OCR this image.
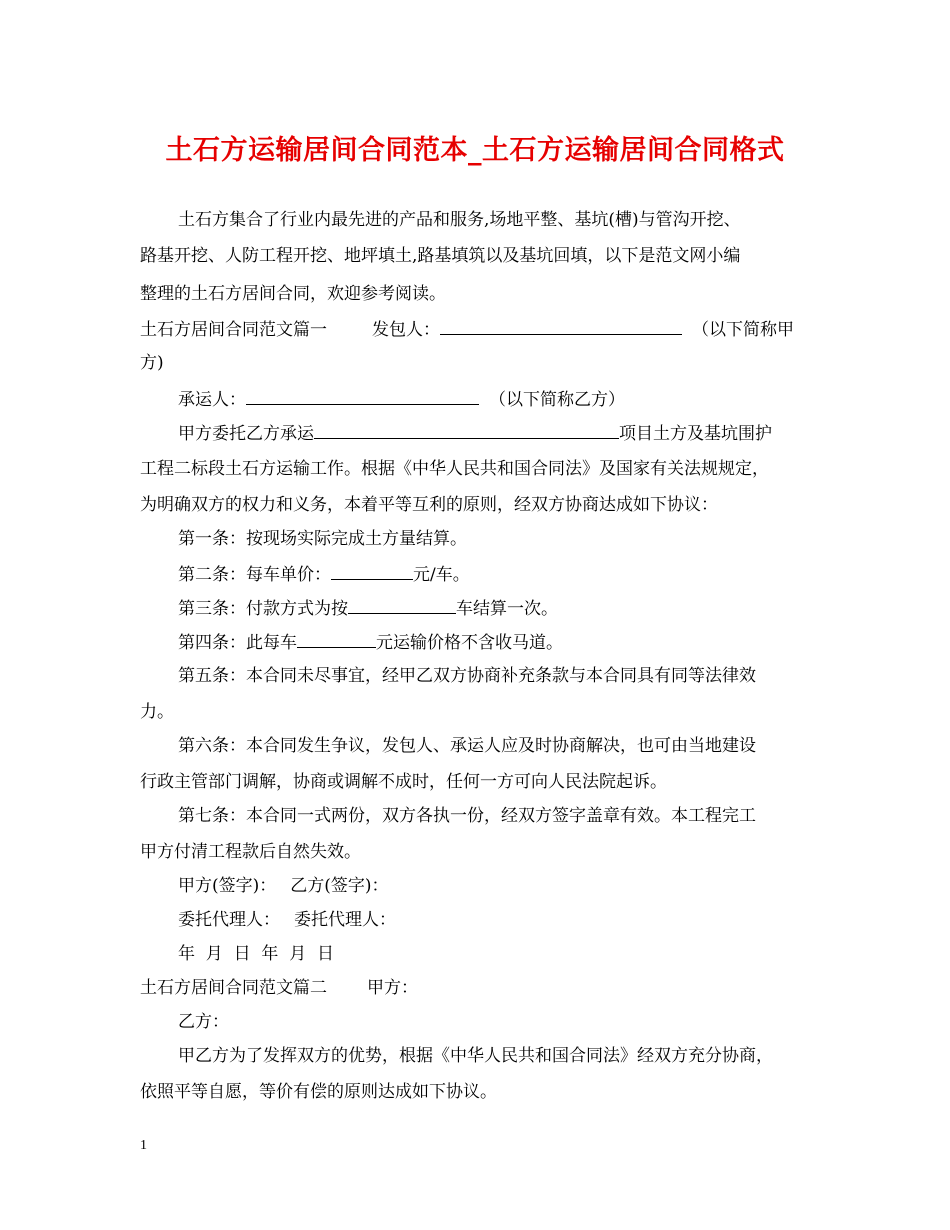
土石方运输居间合同范本_土石方运输居间合同格式
土石方集合了行业内最先进的产品和服务,场地平整、基坑(槽)与管沟开挖、
路基开挖、人防工程开挖、地坪填土,路基填筑以及基坑回填，以下是范文网小编
整理的土石方居间合同，欢迎参考阅读。
土石方居间合同范文篇一	发包人：	（以下简称甲
方)
承运人：	（以下简称乙方）
甲方委托乙方承运	项目土方及基坑围护
工程二标段土石方运输工作。根据《中华人民共和国合同法》及国家有关法规规定，
为明确双方的权力和义务，本着平等互利的原则，经双方协商达成如下协议：
第一条：按现场实际完成土方量结算。
第二条：每车单价：	元/车。
第三条：付款方式为按	车结算一次。
第四条：此每车	元运输价格不含收马道。
第五条：本合同未尽事宜，经甲乙双方协商补充条款与本合同具有同等法律效
力。
第六条：本合同发生争议，发包人、承运人应及时协商解决，也可由当地建设
行政主管部门调解，协商或调解不成时，任何一方可向人民法院起诉。
第七条：本合同一式两份，双方各执一份，经双方签字盖章有效。本工程完工
甲方付清工程款后自然失效。
甲方(签字)： 乙方(签字)：
委托代理人： 委托代理人：
年  月  日  年  月  日
土石方居间合同范文篇二 甲方：
乙方：
甲乙方为了发挥双方的优势，根据《中华人民共和国合同法》经双方充分协商，
依照平等自愿，等价有偿的原则达成如下协议。
1
